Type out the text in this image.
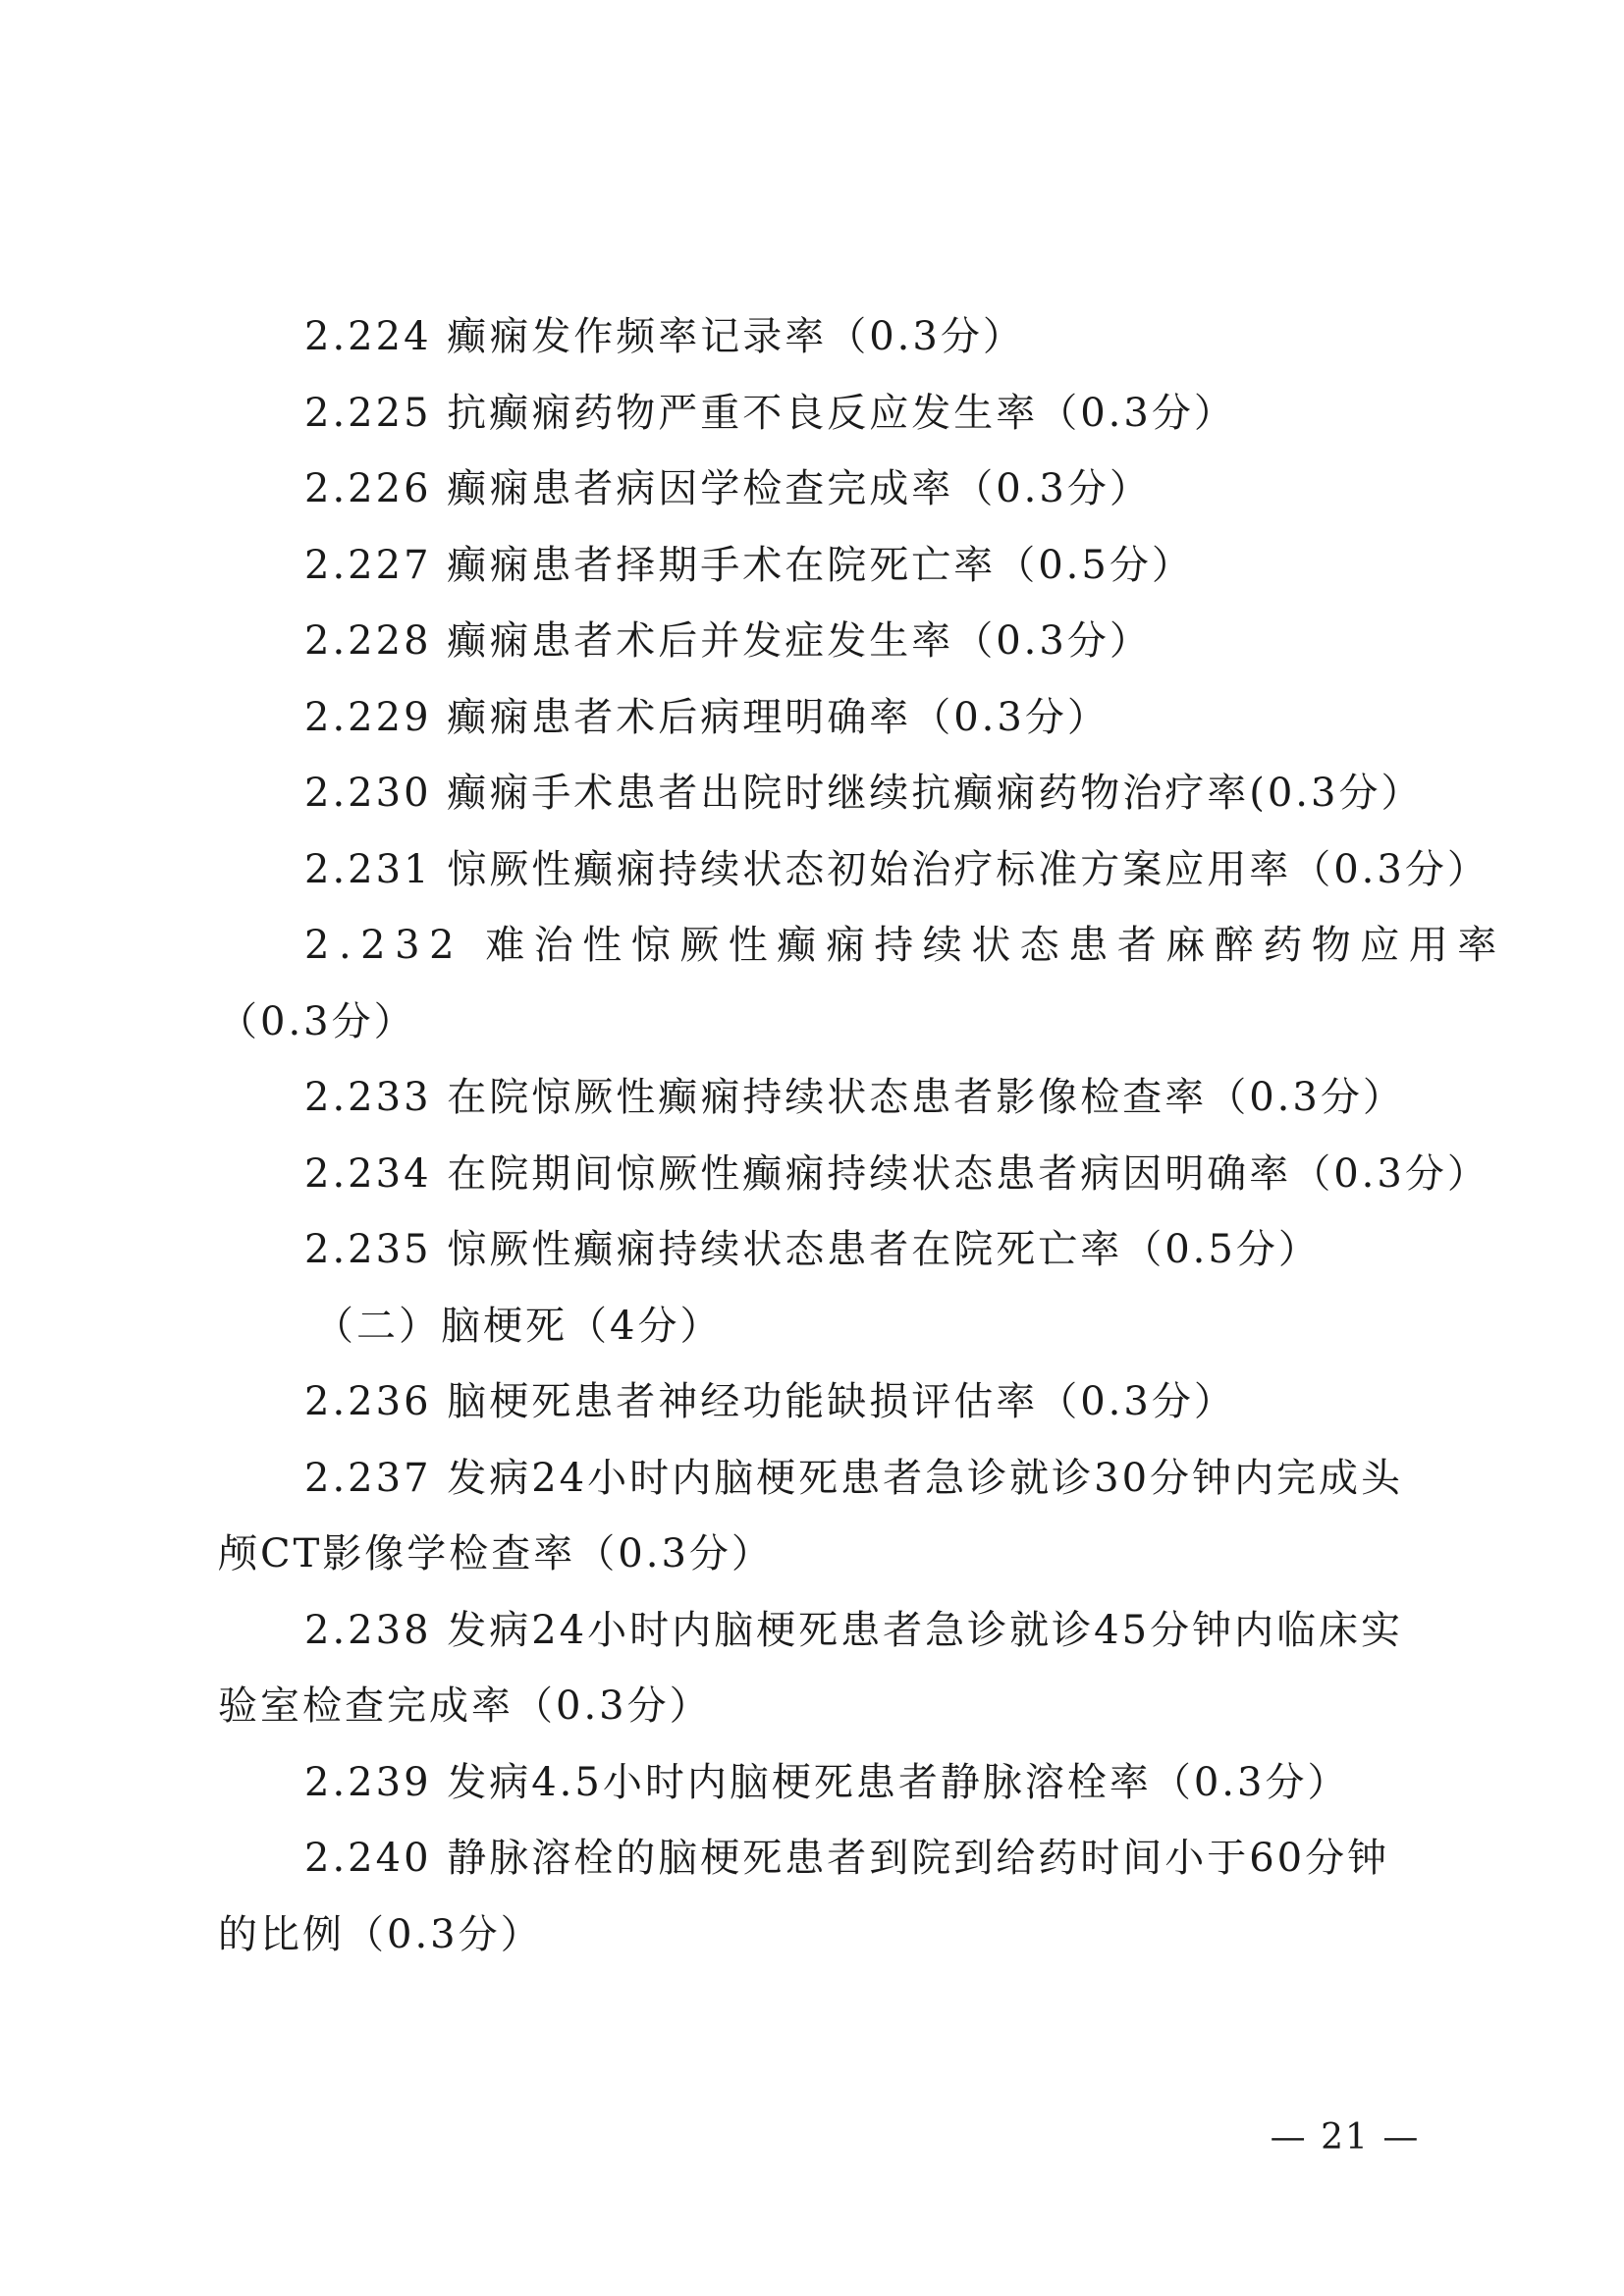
2.224 癫痫发作频率记录率（0.3分）
2.225 抗癫痫药物严重不良反应发生率（0.3分）
2.226 癫痫患者病因学检查完成率（0.3分）
2.227 癫痫患者择期手术在院死亡率（0.5分）
2.228 癫痫患者术后并发症发生率（0.3分）
2.229 癫痫患者术后病理明确率（0.3分）
2.230 癫痫手术患者出院时继续抗癫痫药物治疗率(0.3分）
2.231 惊厥性癫痫持续状态初始治疗标准方案应用率（0.3分）
2.232 难治性惊厥性癫痫持续状态患者麻醉药物应用率
（0.3分）
2.233 在院惊厥性癫痫持续状态患者影像检查率（0.3分）
2.234 在院期间惊厥性癫痫持续状态患者病因明确率（0.3分）
2.235 惊厥性癫痫持续状态患者在院死亡率（0.5分）
（二）脑梗死（4分）
2.236 脑梗死患者神经功能缺损评估率（0.3分）
2.237 发病24小时内脑梗死患者急诊就诊30分钟内完成头
颅CT影像学检查率（0.3分）
2.238 发病24小时内脑梗死患者急诊就诊45分钟内临床实
验室检查完成率（0.3分）
2.239 发病4.5小时内脑梗死患者静脉溶栓率（0.3分）
2.240 静脉溶栓的脑梗死患者到院到给药时间小于60分钟
的比例（0.3分）
— 21 —
